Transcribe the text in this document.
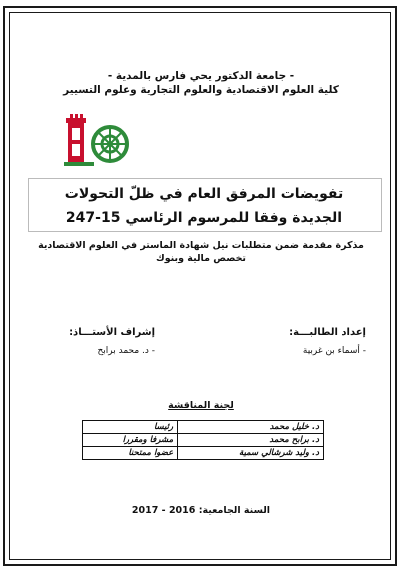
- جامعة الدكتور يحي فارس بالمدية -
كلية العلوم الاقتصادية والعلوم التجارية وعلوم التسيير
تفويضات المرفق العام في ظلّ التحولات
الجديدة وفقا للمرسوم الرئاسي 15-247
مذكرة مقدمة ضمن متطلبات نيل شهادة الماستر في العلوم الاقتصادية
تخصص مالية وبنوك
إعداد الطالبـــة:
إشراف الأستـــاذ:
- أسماء بن غربية
- د. محمد برابح
لجنة المناقشة
د. خليل محمد	رئيسا
د. برابح محمد	مشرفا ومقررا
د. وليد شرشالي سمية	عضوا ممتحنا
السنة الجامعية: 2016 - 2017
